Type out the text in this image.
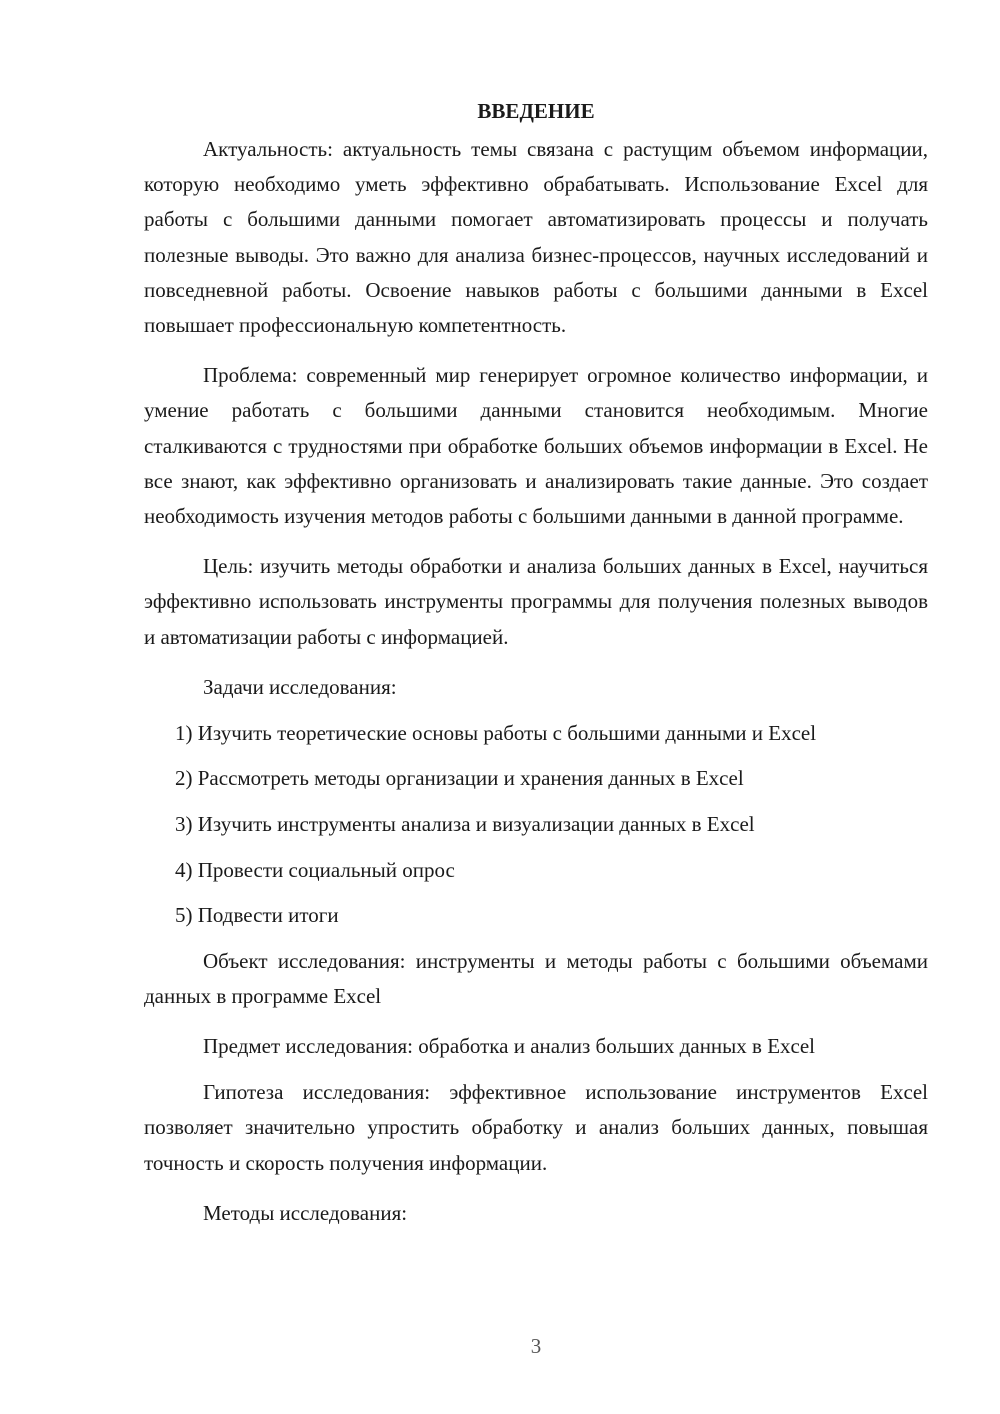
ВВЕДЕНИЕ

Актуальность: актуальность темы связана с растущим объемом информации, которую необходимо уметь эффективно обрабатывать. Использование Excel для работы с большими данными помогает автоматизировать процессы и получать полезные выводы. Это важно для анализа бизнес-процессов, научных исследований и повседневной работы. Освоение навыков работы с большими данными в Excel повышает профессиональную компетентность.

Проблема: современный мир генерирует огромное количество информации, и умение работать с большими данными становится необходимым. Многие сталкиваются с трудностями при обработке больших объемов информации в Excel. Не все знают, как эффективно организовать и анализировать такие данные. Это создает необходимость изучения методов работы с большими данными в данной программе.

Цель: изучить методы обработки и анализа больших данных в Excel, научиться эффективно использовать инструменты программы для получения полезных выводов и автоматизации работы с информацией.

Задачи исследования:

1) Изучить теоретические основы работы с большими данными и Excel
2) Рассмотреть методы организации и хранения данных в Excel
3) Изучить инструменты анализа и визуализации данных в Excel
4) Провести социальный опрос
5) Подвести итоги

Объект исследования: инструменты и методы работы с большими объемами данных в программе Excel

Предмет исследования: обработка и анализ больших данных в Excel

Гипотеза исследования: эффективное использование инструментов Excel позволяет значительно упростить обработку и анализ больших данных, повышая точность и скорость получения информации.

Методы исследования:

3
